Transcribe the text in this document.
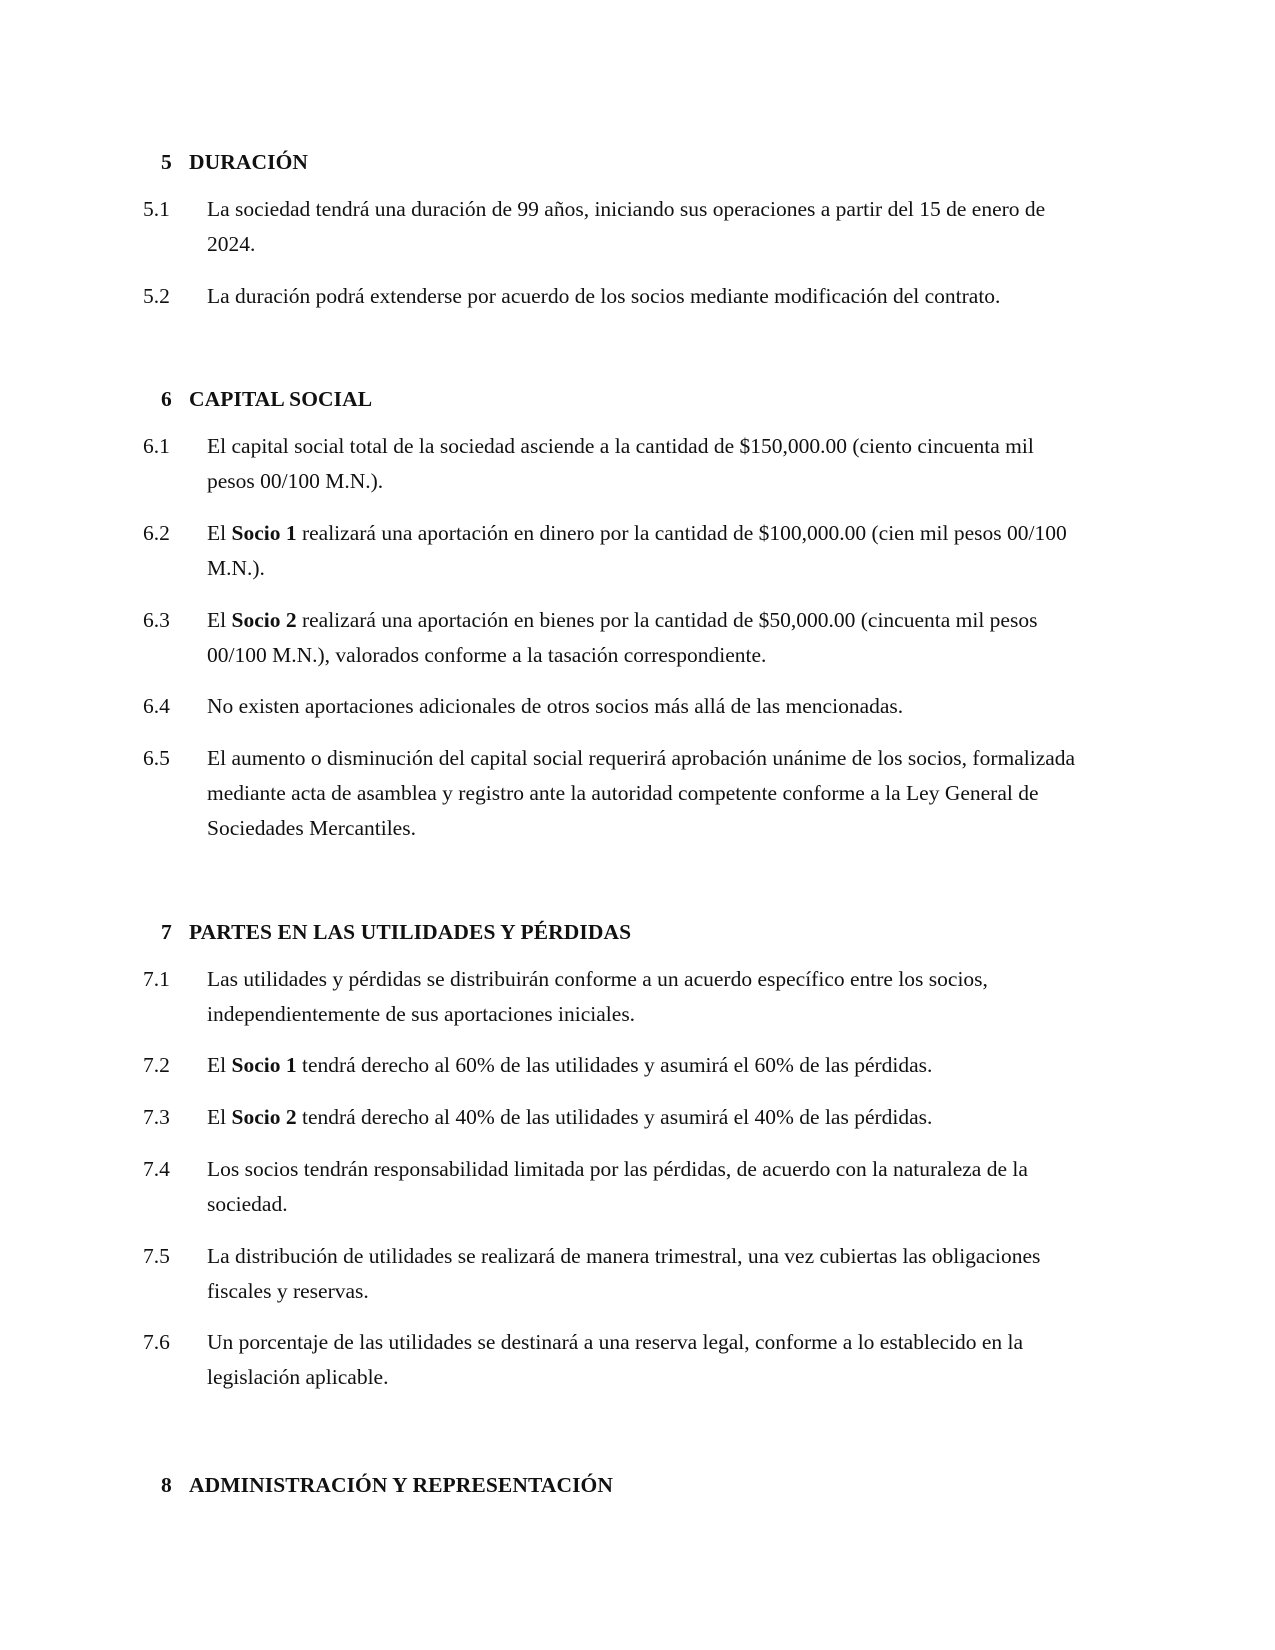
5 DURACIÓN
5.1	La sociedad tendrá una duración de 99 años, iniciando sus operaciones a partir del 15 de enero de 2024.
5.2	La duración podrá extenderse por acuerdo de los socios mediante modificación del contrato.
6 CAPITAL SOCIAL
6.1	El capital social total de la sociedad asciende a la cantidad de $150,000.00 (ciento cincuenta mil pesos 00/100 M.N.).
6.2	El Socio 1 realizará una aportación en dinero por la cantidad de $100,000.00 (cien mil pesos 00/100 M.N.).
6.3	El Socio 2 realizará una aportación en bienes por la cantidad de $50,000.00 (cincuenta mil pesos 00/100 M.N.), valorados conforme a la tasación correspondiente.
6.4	No existen aportaciones adicionales de otros socios más allá de las mencionadas.
6.5	El aumento o disminución del capital social requerirá aprobación unánime de los socios, formalizada mediante acta de asamblea y registro ante la autoridad competente conforme a la Ley General de Sociedades Mercantiles.
7 PARTES EN LAS UTILIDADES Y PÉRDIDAS
7.1	Las utilidades y pérdidas se distribuirán conforme a un acuerdo específico entre los socios, independientemente de sus aportaciones iniciales.
7.2	El Socio 1 tendrá derecho al 60% de las utilidades y asumirá el 60% de las pérdidas.
7.3	El Socio 2 tendrá derecho al 40% de las utilidades y asumirá el 40% de las pérdidas.
7.4	Los socios tendrán responsabilidad limitada por las pérdidas, de acuerdo con la naturaleza de la sociedad.
7.5	La distribución de utilidades se realizará de manera trimestral, una vez cubiertas las obligaciones fiscales y reservas.
7.6	Un porcentaje de las utilidades se destinará a una reserva legal, conforme a lo establecido en la legislación aplicable.
8 ADMINISTRACIÓN Y REPRESENTACIÓN
